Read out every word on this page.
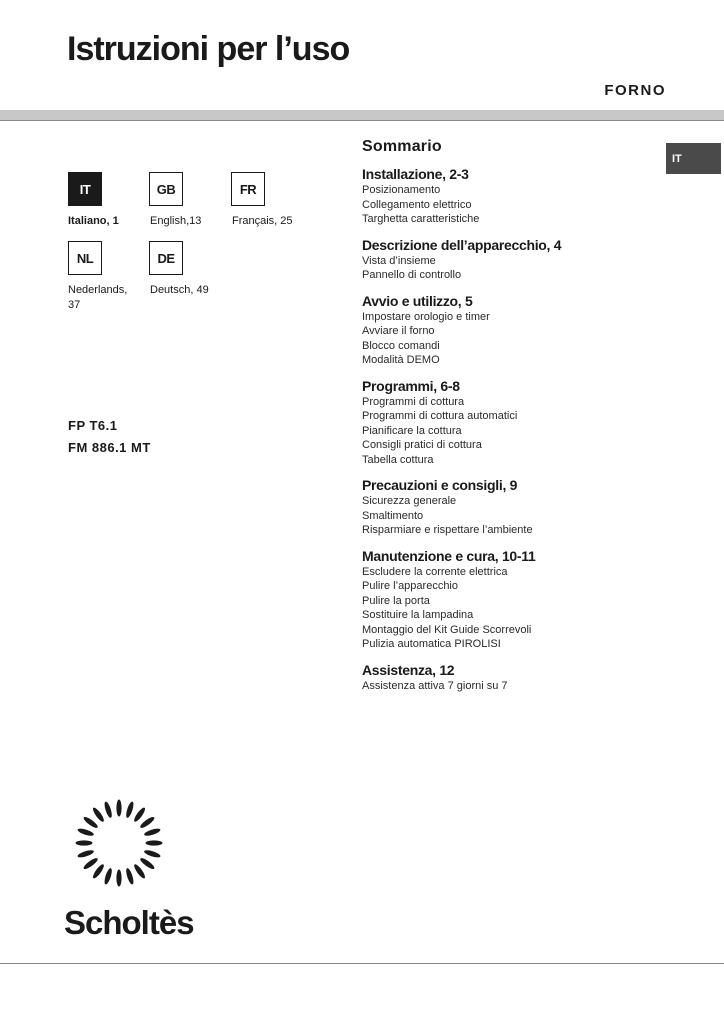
Istruzioni per l’uso
FORNO
IT	GB	FR
Italiano, 1	English,13	Français, 25
NL	DE
Nederlands, 37
Deutsch, 49
FP T6.1
FM 886.1 MT
Sommario
Installazione, 2-3
Posizionamento
Collegamento elettrico
Targhetta caratteristiche
Descrizione dell’apparecchio, 4
Vista d’insieme
Pannello di controllo
Avvio e utilizzo, 5
Impostare orologio e timer
Avviare il forno
Blocco comandi
Modalità DEMO
Programmi, 6-8
Programmi di cottura
Programmi di cottura automatici
Pianificare la cottura
Consigli pratici di cottura
Tabella cottura
Precauzioni e consigli, 9
Sicurezza generale
Smaltimento
Risparmiare e rispettare l’ambiente
Manutenzione e cura, 10-11
Escludere la corrente elettrica
Pulire l’apparecchio
Pulire la porta
Sostituire la lampadina
Montaggio del Kit Guide Scorrevoli
Pulizia automatica PIROLISI
Assistenza, 12
Assistenza attiva 7 giorni su 7
IT
Scholtès
